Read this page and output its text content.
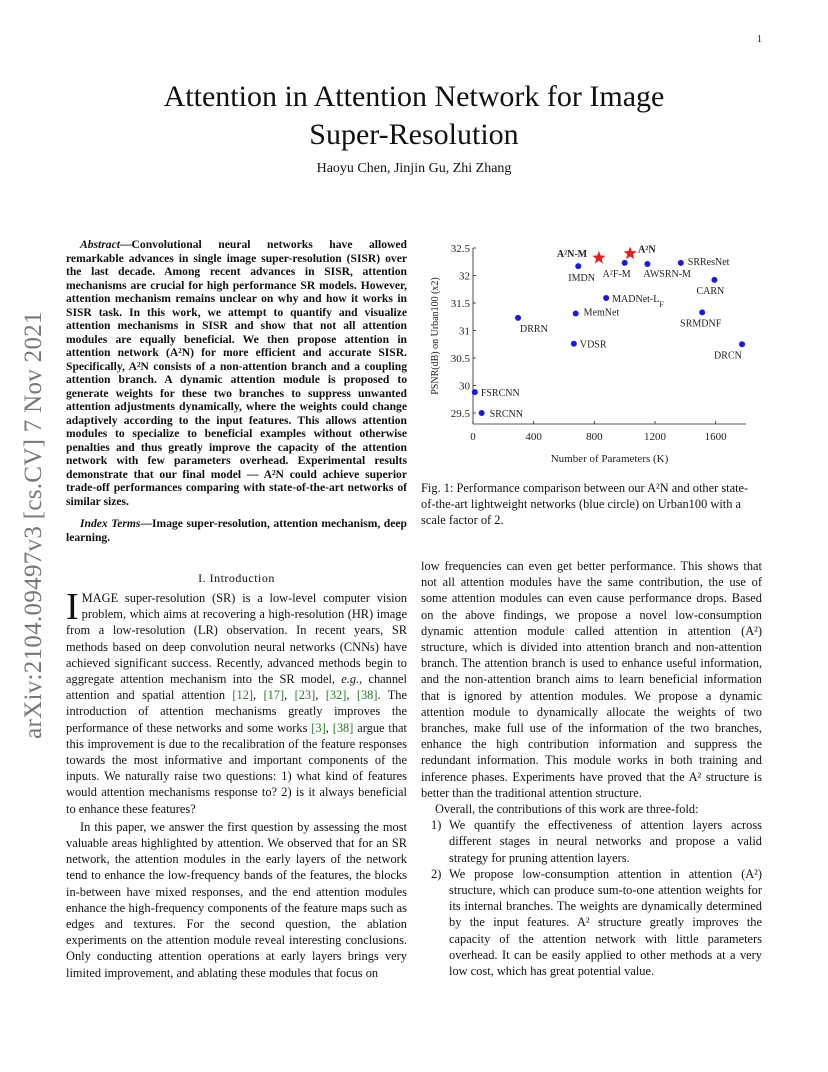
1
arXiv:2104.09497v3 [cs.CV] 7 Nov 2021
Attention in Attention Network for Image
Super-Resolution
Haoyu Chen, Jinjin Gu, Zhi Zhang
Abstract—Convolutional neural networks have allowed remarkable advances in single image super-resolution (SISR) over the last decade. Among recent advances in SISR, attention mechanisms are crucial for high performance SR models. However, attention mechanism remains unclear on why and how it works in SISR task. In this work, we attempt to quantify and visualize attention mechanisms in SISR and show that not all attention modules are equally beneficial. We then propose attention in attention network (A²N) for more efficient and accurate SISR. Specifically, A²N consists of a non-attention branch and a coupling attention branch. A dynamic attention module is proposed to generate weights for these two branches to suppress unwanted attention adjustments dynamically, where the weights could change adaptively according to the input features. This allows attention modules to specialize to beneficial examples without otherwise penalties and thus greatly improve the capacity of the attention network with few parameters overhead. Experimental results demonstrate that our final model — A²N could achieve superior trade-off performances comparing with state-of-the-art networks of similar sizes.
Index Terms—Image super-resolution, attention mechanism, deep learning.
I. Introduction

IMAGE super-resolution (SR) is a low-level computer vision problem, which aims at recovering a high-resolution (HR) image from a low-resolution (LR) observation. In recent years, SR methods based on deep convolution neural networks (CNNs) have achieved significant success. Recently, advanced methods begin to aggregate attention mechanism into the SR model, e.g., channel attention and spatial attention [12], [17], [23], [32], [38]. The introduction of attention mechanisms greatly improves the performance of these networks and some works [3], [38] argue that this improvement is due to the recalibration of the feature responses towards the most informative and important components of the inputs. We naturally raise two questions: 1) what kind of features would attention mechanisms response to? 2) is it always beneficial to enhance these features?

In this paper, we answer the first question by assessing the most valuable areas highlighted by attention. We observed that for an SR network, the attention modules in the early layers of the network tend to enhance the low-frequency bands of the features, the blocks in-between have mixed responses, and the end attention modules enhance the high-frequency components of the feature maps such as edges and textures. For the second question, the ablation experiments on the attention module reveal interesting conclusions. Only conducting attention operations at early layers brings very limited improvement, and ablating these modules that focus on

0	400	800	1200	1600
29.5
30
30.5
31
31.5
32
32.5
Number of Parameters (K)
PSNR(dB) on Urban100 (x2)
SRCNN
FSRCNN
DRRN
VDSR
MemNet
MADNet-$L_F$
IMDN A²F-M AWSRN-M
SRResNet
CARN
SRMDNF
DRCN
A²N-M	A²N
Fig. 1: Performance comparison between our A²N and other state-of-the-art lightweight networks (blue circle) on Urban100 with a scale factor of 2.

low frequencies can even get better performance. This shows that not all attention modules have the same contribution, the use of some attention modules can even cause performance drops. Based on the above findings, we propose a novel low-consumption dynamic attention module called attention in attention (A²) structure, which is divided into attention branch and non-attention branch. The attention branch is used to enhance useful information, and the non-attention branch aims to learn beneficial information that is ignored by attention modules. We propose a dynamic attention module to dynamically allocate the weights of two branches, make full use of the information of the two branches, enhance the high contribution information and suppress the redundant information. This module works in both training and inference phases. Experiments have proved that the A² structure is better than the traditional attention structure.

Overall, the contributions of this work are three-fold:

1) We quantify the effectiveness of attention layers across different stages in neural networks and propose a valid strategy for pruning attention layers.
2) We propose low-consumption attention in attention (A²) structure, which can produce sum-to-one attention weights for its internal branches. The weights are dynamically determined by the input features. A² structure greatly improves the capacity of the attention network with little parameters overhead. It can be easily applied to other methods at a very low cost, which has great potential value.
